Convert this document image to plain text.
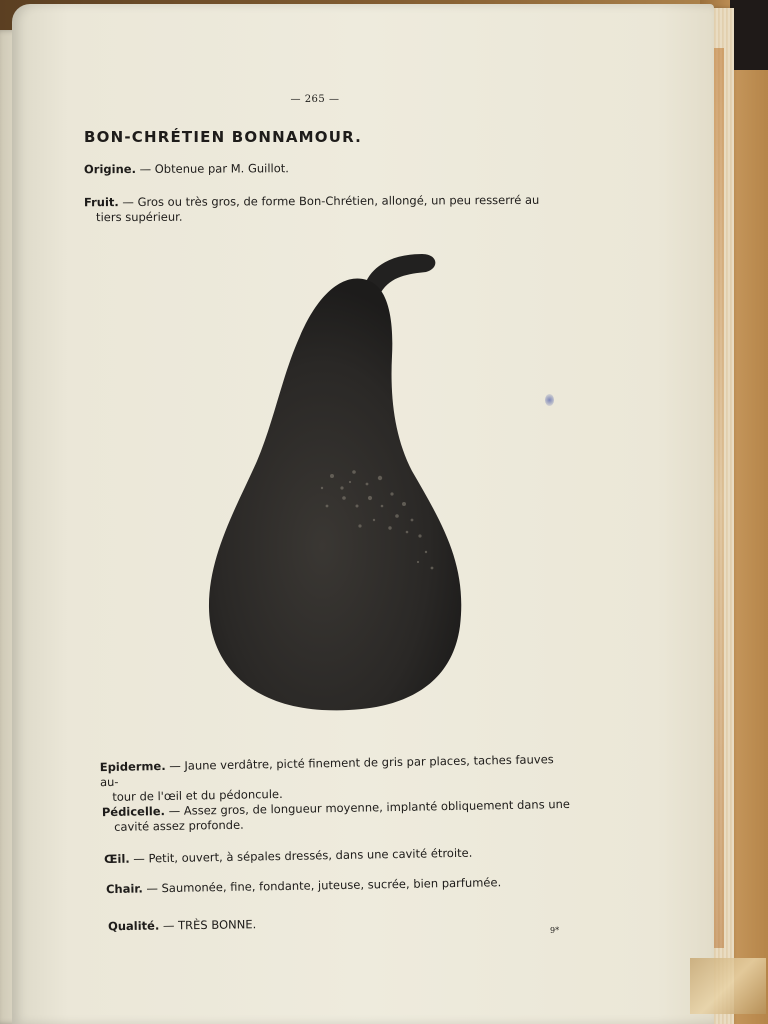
— 265 —
BON-CHRÉTIEN BONNAMOUR.
Origine. — Obtenue par M. Guillot.
Fruit. — Gros ou très gros, de forme Bon-Chrétien, allongé, un peu resserré au
tiers supérieur.
Epiderme. — Jaune verdâtre, picté finement de gris par places, taches fauves au-
tour de l'œil et du pédoncule.
Pédicelle. — Assez gros, de longueur moyenne, implanté obliquement dans une
cavité assez profonde.
Œil. — Petit, ouvert, à sépales dressés, dans une cavité étroite.
Chair. — Saumonée, fine, fondante, juteuse, sucrée, bien parfumée.
Qualité. — TRÈS BONNE.	9*
